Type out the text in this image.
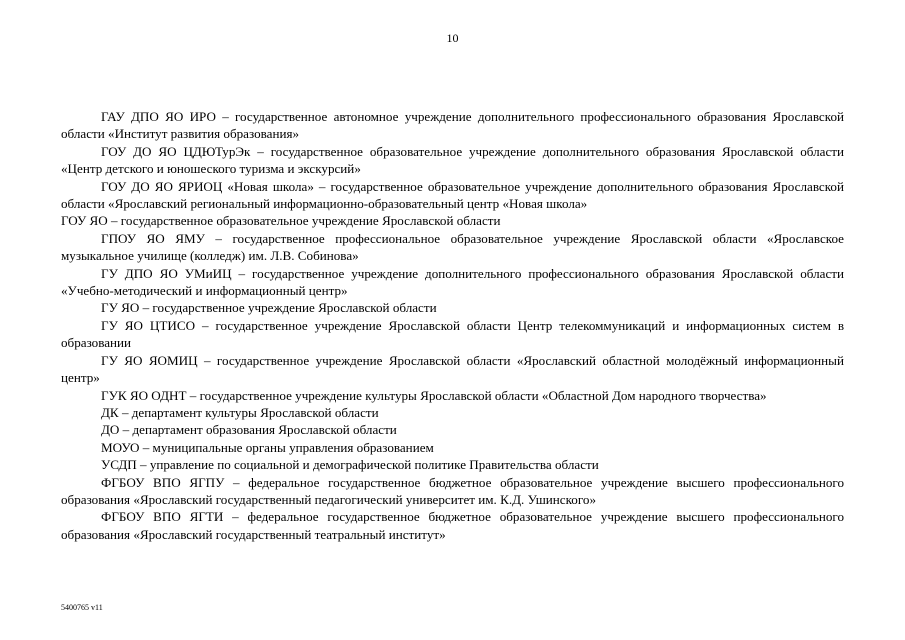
10

ГАУ ДПО ЯО ИРО – государственное автономное учреждение дополнительного профессионального образования Ярославской области «Институт развития образования»

ГОУ ДО ЯО ЦДЮТурЭк – государственное образовательное учреждение дополнительного образования Ярославской области «Центр детского и юношеского туризма и экскурсий»

ГОУ ДО ЯО ЯРИОЦ «Новая школа» – государственное образовательное учреждение дополнительного образования Ярославской области «Ярославский региональный информационно-образовательный центр «Новая школа»

ГОУ ЯО – государственное образовательное учреждение Ярославской области

ГПОУ ЯО ЯМУ – государственное профессиональное образовательное учреждение Ярославской области «Ярославское музыкальное училище (колледж) им. Л.В. Собинова»

ГУ ДПО ЯО УМиИЦ – государственное учреждение дополнительного профессионального образования Ярославской области «Учебно-методический и информационный центр»

ГУ ЯО – государственное учреждение Ярославской области

ГУ ЯО ЦТИСО – государственное учреждение Ярославской области Центр телекоммуникаций и информационных систем в образовании

ГУ ЯО ЯОМИЦ – государственное учреждение Ярославской области «Ярославский областной молодёжный информационный центр»

ГУК ЯО ОДНТ – государственное учреждение культуры Ярославской области «Областной Дом народного творчества»

ДК – департамент культуры Ярославской области

ДО – департамент образования Ярославской области

МОУО – муниципальные органы управления образованием

УСДП – управление по социальной и демографической политике Правительства области

ФГБОУ ВПО ЯГПУ – федеральное государственное бюджетное образовательное учреждение высшего профессионального образования «Ярославский государственный педагогический университет им. К.Д. Ушинского»

ФГБОУ ВПО ЯГТИ – федеральное государственное бюджетное образовательное учреждение высшего профессионального образования «Ярославский государственный театральный институт»

5400765 v11
